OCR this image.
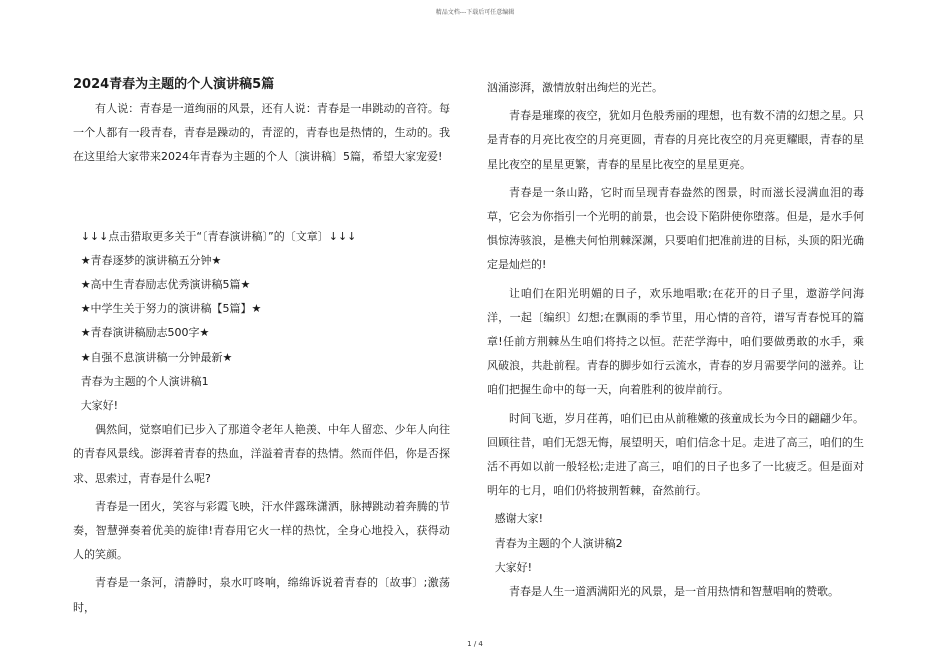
精品文档---下载后可任意编辑
2024青春为主题的个人演讲稿5篇

有人说：青春是一道绚丽的风景，还有人说：青春是一串跳动的音符。每一个人都有一段青春，青春是躁动的，青涩的，青春也是热情的，生动的。我在这里给大家带来2024年青春为主题的个人〔演讲稿〕5篇，希望大家宠爱!

↓↓↓点击猎取更多关于“〔青春演讲稿〕”的〔文章〕↓↓↓

★青春逐梦的演讲稿五分钟★

★高中生青春励志优秀演讲稿5篇★

★中学生关于努力的演讲稿【5篇】★

★青春演讲稿励志500字★

★自强不息演讲稿一分钟最新★

青春为主题的个人演讲稿1

大家好!

偶然间，觉察咱们已步入了那道令老年人艳羡、中年人留恋、少年人向往的青春风景线。澎湃着青春的热血，洋溢着青春的热情。然而伴侣，你是否探求、思索过，青春是什么呢?

青春是一团火，笑容与彩霞飞映，汗水伴露珠潇洒，脉搏跳动着奔腾的节奏，智慧弹奏着优美的旋律!青春用它火一样的热忱，全身心地投入，获得动人的笑颜。

青春是一条河，清静时，泉水叮咚响，绵绵诉说着青春的〔故事〕;激荡时，

汹涌澎湃，激情放射出绚烂的光芒。

青春是璀璨的夜空，犹如月色般秀丽的理想，也有数不清的幻想之星。只是青春的月亮比夜空的月亮更圆，青春的月亮比夜空的月亮更耀眼，青春的星星比夜空的星星更繁，青春的星星比夜空的星星更亮。

青春是一条山路，它时而呈现青春盎然的图景，时而滋长浸满血泪的毒草，它会为你指引一个光明的前景，也会设下陷阱使你堕落。但是，是水手何惧惊涛骇浪，是樵夫何怕荆棘深渊，只要咱们把准前进的目标，头顶的阳光确定是灿烂的!

让咱们在阳光明媚的日子，欢乐地唱歌;在花开的日子里，遨游学问海洋，一起〔编织〕幻想;在飘雨的季节里，用心情的音符，谱写青春悦耳的篇章!任前方荆棘丛生咱们将持之以恒。茫茫学海中，咱们要做勇敢的水手，乘风破浪，共赴前程。青春的脚步如行云流水，青春的岁月需要学问的滋养。让咱们把握生命中的每一天，向着胜利的彼岸前行。

时间飞逝，岁月荏苒，咱们已由从前稚嫩的孩童成长为今日的翩翩少年。回顾往昔，咱们无怨无悔，展望明天，咱们信念十足。走进了高三，咱们的生活不再如以前一般轻松;走进了高三，咱们的日子也多了一比疲乏。但是面对明年的七月，咱们仍将披荆暂棘，奋然前行。

感谢大家!

青春为主题的个人演讲稿2

大家好!

青春是人生一道洒满阳光的风景，是一首用热情和智慧唱响的赞歌。

1 / 4
